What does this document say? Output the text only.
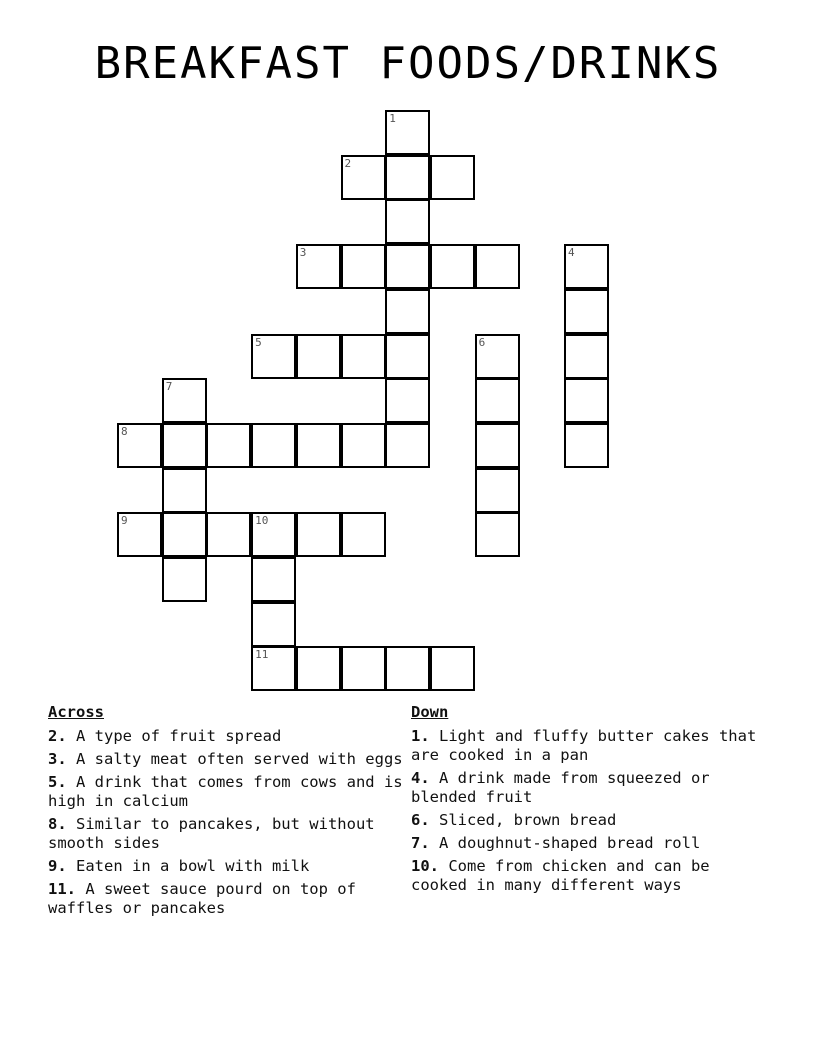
BREAKFAST FOODS/DRINKS
1
2
3	4
5	6
7
8
9	10
11
Across
2. A type of fruit spread
3. A salty meat often served with eggs
5. A drink that comes from cows and is high in calcium
8. Similar to pancakes, but without smooth sides
9. Eaten in a bowl with milk
11. A sweet sauce pourd on top of waffles or pancakes
Down
1. Light and fluffy butter cakes that are cooked in a pan
4. A drink made from squeezed or blended fruit
6. Sliced, brown bread
7. A doughnut-shaped bread roll
10. Come from chicken and can be cooked in many different ways
